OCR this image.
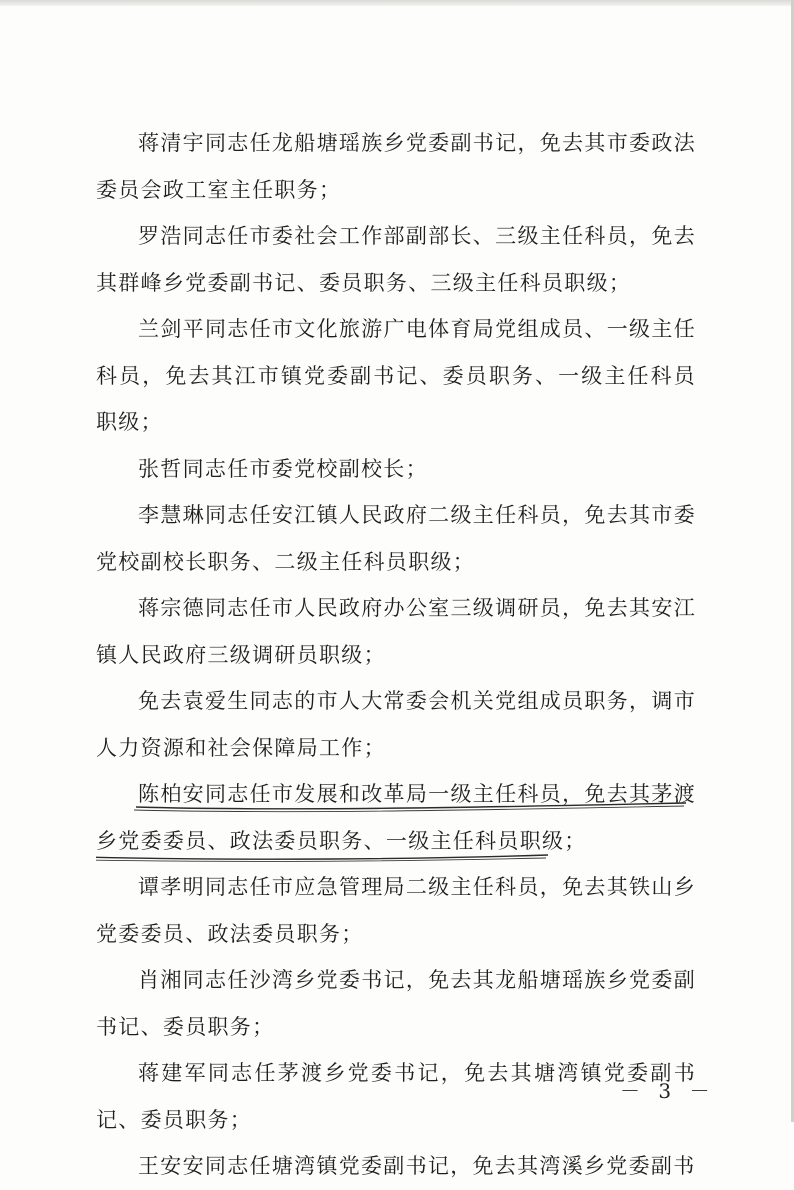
蒋清宇同志任龙船塘瑶族乡党委副书记，免去其市委政法委员会政工室主任职务；

罗浩同志任市委社会工作部副部长、三级主任科员，免去其群峰乡党委副书记、委员职务、三级主任科员职级；

兰剑平同志任市文化旅游广电体育局党组成员、一级主任科员，免去其江市镇党委副书记、委员职务、一级主任科员职级；

张哲同志任市委党校副校长；

李慧琳同志任安江镇人民政府二级主任科员，免去其市委党校副校长职务、二级主任科员职级；

蒋宗德同志任市人民政府办公室三级调研员，免去其安江镇人民政府三级调研员职级；

免去袁爱生同志的市人大常委会机关党组成员职务，调市人力资源和社会保障局工作；

陈柏安同志任市发展和改革局一级主任科员，免去其茅渡乡党委委员、政法委员职务、一级主任科员职级；

谭孝明同志任市应急管理局二级主任科员，免去其铁山乡党委委员、政法委员职务；

肖湘同志任沙湾乡党委书记，免去其龙船塘瑶族乡党委副书记、委员职务；

蒋建军同志任茅渡乡党委书记，免去其塘湾镇党委副书记、委员职务；

王安安同志任塘湾镇党委副书记，免去其湾溪乡党委副书

－ 3 －
